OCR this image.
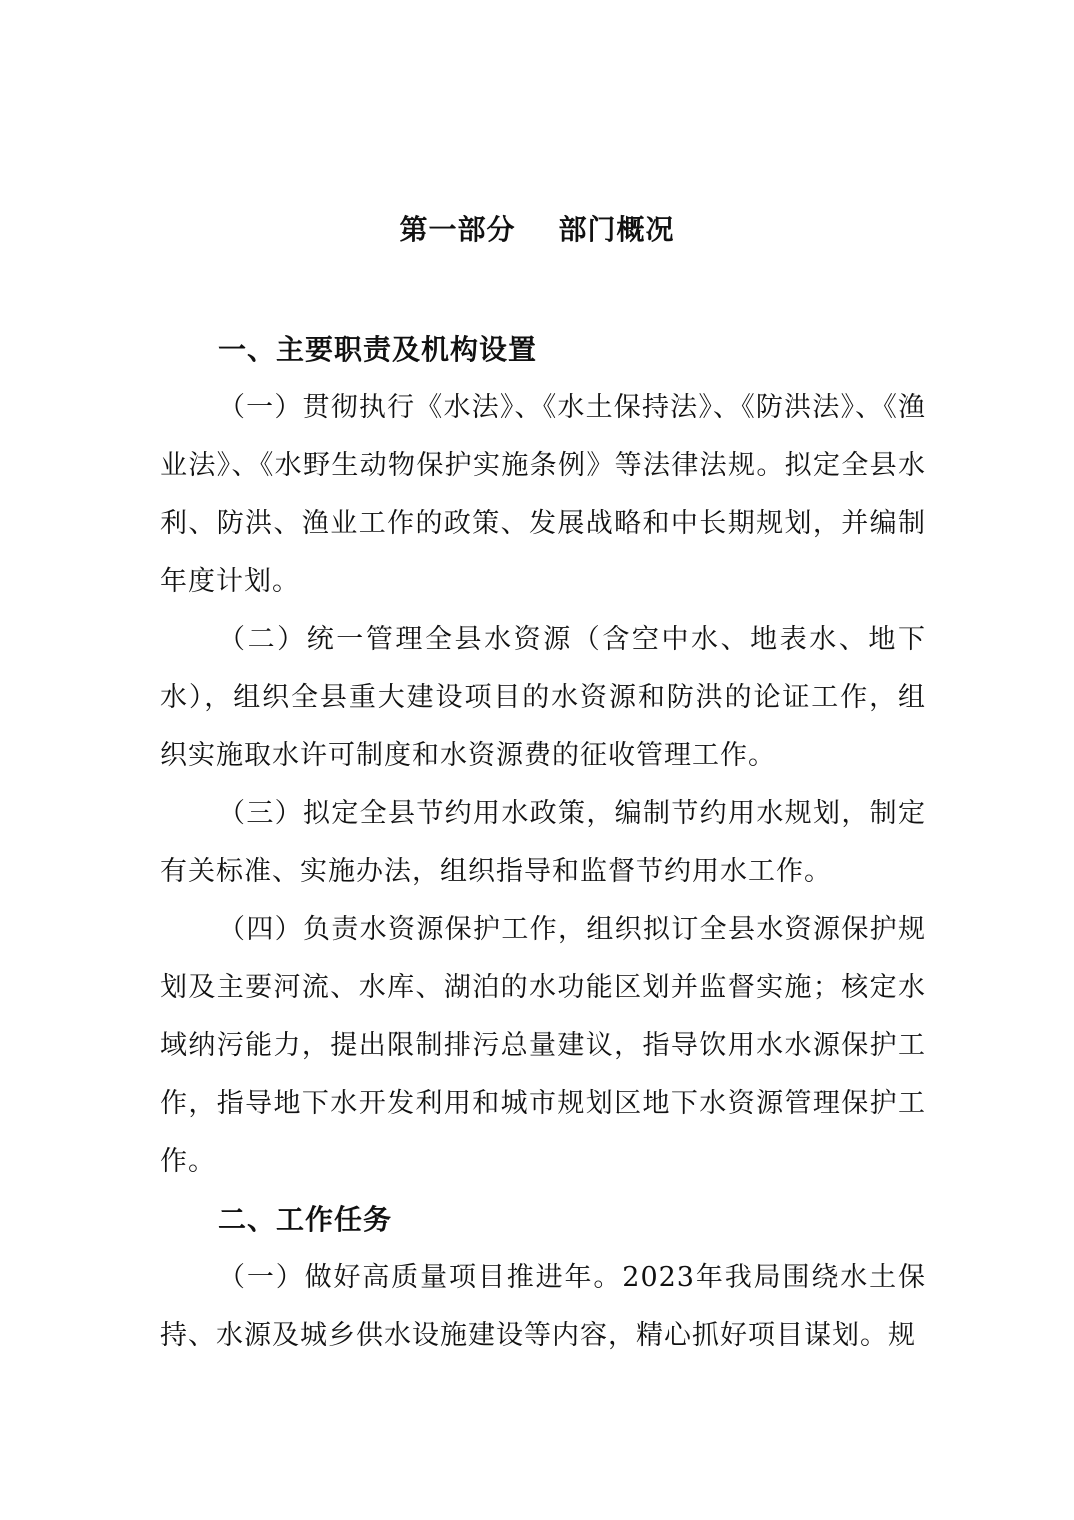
第一部分    部门概况
一、主要职责及机构设置

（一）贯彻执行《水法》、《水土保持法》、《防洪法》、《渔业法》、《水野生动物保护实施条例》等法律法规。拟定全县水利、防洪、渔业工作的政策、发展战略和中长期规划，并编制年度计划。

（二）统一管理全县水资源（含空中水、地表水、地下水），组织全县重大建设项目的水资源和防洪的论证工作，组织实施取水许可制度和水资源费的征收管理工作。

（三）拟定全县节约用水政策，编制节约用水规划，制定有关标准、实施办法，组织指导和监督节约用水工作。

（四）负责水资源保护工作，组织拟订全县水资源保护规划及主要河流、水库、湖泊的水功能区划并监督实施；核定水域纳污能力，提出限制排污总量建议，指导饮用水水源保护工作，指导地下水开发利用和城市规划区地下水资源管理保护工作。

二、工作任务

（一）做好高质量项目推进年。2023年我局围绕水土保持、水源及城乡供水设施建设等内容，精心抓好项目谋划。规
